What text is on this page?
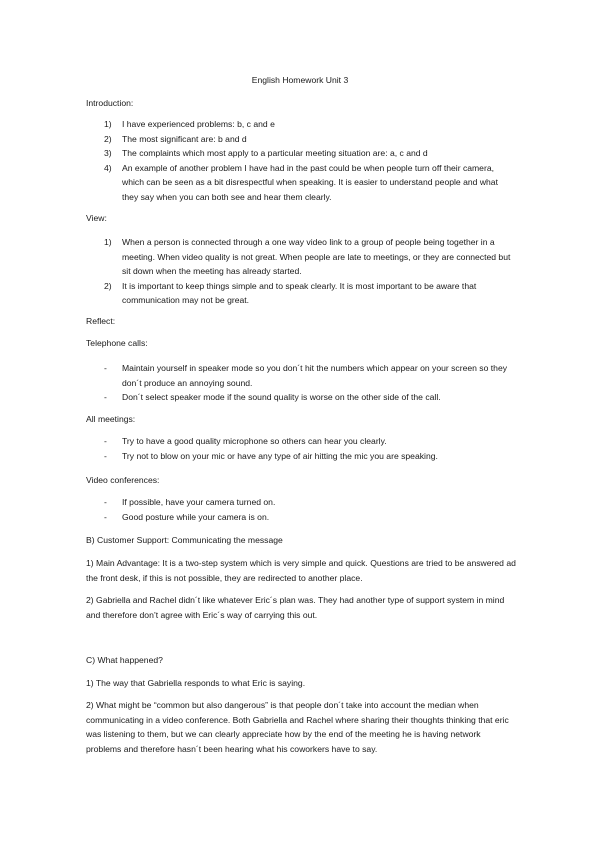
English Homework Unit 3

Introduction:

1) I have experienced problems: b, c and e
2) The most significant are: b and d
3) The complaints which most apply to a particular meeting situation are: a, c and d
4) An example of another problem I have had in the past could be when people turn off their camera, which can be seen as a bit disrespectful when speaking. It is easier to understand people and what they say when you can both see and hear them clearly.

View:

1) When a person is connected through a one way video link to a group of people being together in a meeting. When video quality is not great. When people are late to meetings, or they are connected but sit down when the meeting has already started.
2) It is important to keep things simple and to speak clearly. It is most important to be aware that communication may not be great.

Reflect:

Telephone calls:

- Maintain yourself in speaker mode so you don´t hit the numbers which appear on your screen so they don´t produce an annoying sound.
- Don´t select speaker mode if the sound quality is worse on the other side of the call.

All meetings:

- Try to have a good quality microphone so others can hear you clearly.
- Try not to blow on your mic or have any type of air hitting the mic you are speaking.

Video conferences:

- If possible, have your camera turned on.
- Good posture while your camera is on.

B) Customer Support: Communicating the message

1) Main Advantage: It is a two-step system which is very simple and quick. Questions are tried to be answered ad the front desk, if this is not possible, they are redirected to another place.

2) Gabriella and Rachel didn´t like whatever Eric´s plan was. They had another type of support system in mind and therefore don’t agree with Eric´s way of carrying this out.

C) What happened?

1) The way that Gabriella responds to what Eric is saying.

2) What might be “common but also dangerous” is that people don´t take into account the median when communicating in a video conference. Both Gabriella and Rachel where sharing their thoughts thinking that eric was listening to them, but we can clearly appreciate how by the end of the meeting he is having network problems and therefore hasn´t been hearing what his coworkers have to say.
